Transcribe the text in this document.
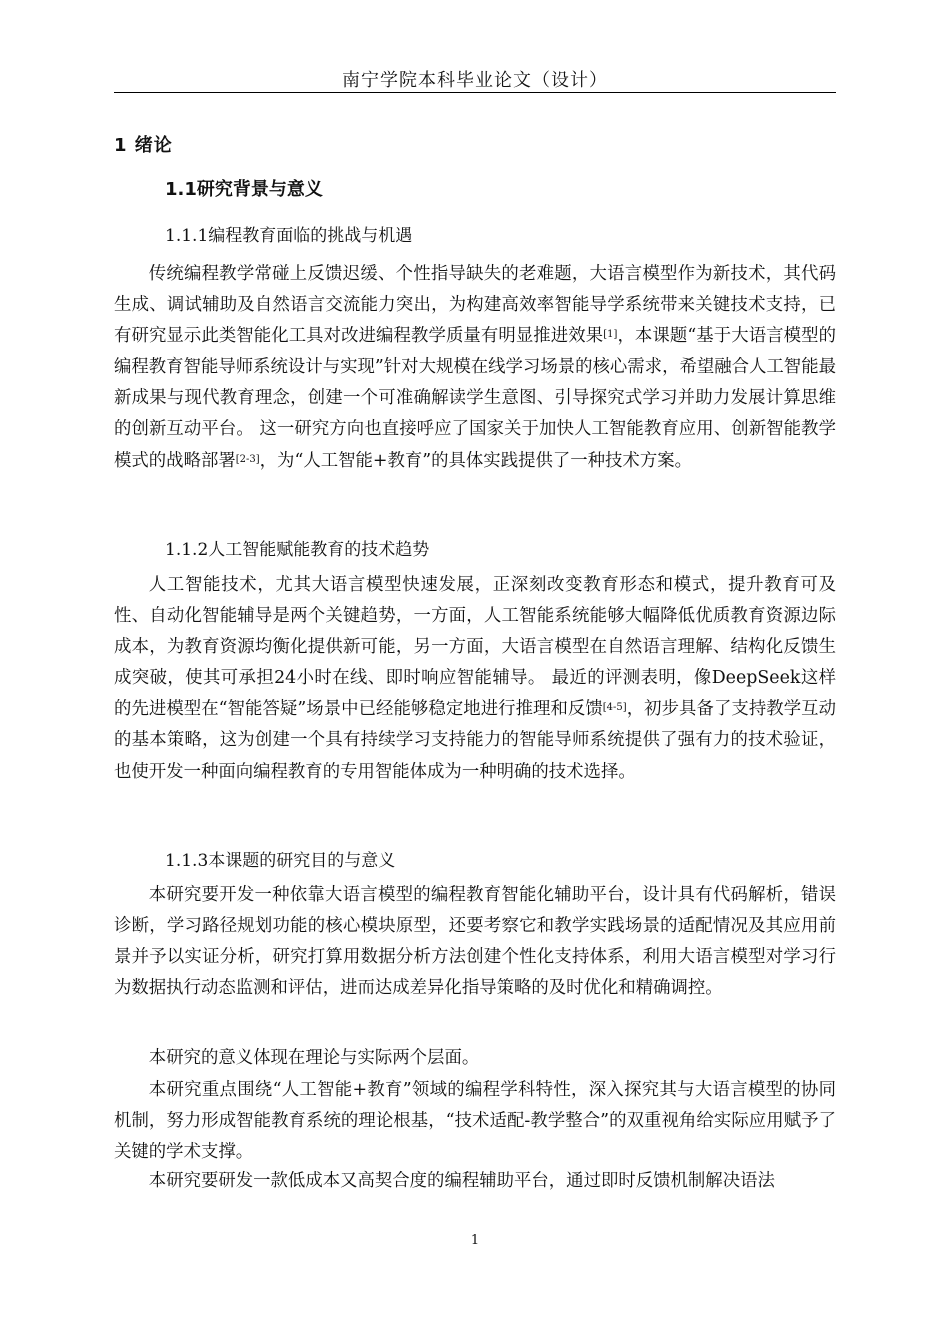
南宁学院本科毕业论文（设计）
1 绪论
1.1研究背景与意义
1.1.1编程教育面临的挑战与机遇

传统编程教学常碰上反馈迟缓、个性指导缺失的老难题，大语言模型作为新技术，其代码生成、调试辅助及自然语言交流能力突出，为构建高效率智能导学系统带来关键技术支持，已有研究显示此类智能化工具对改进编程教学质量有明显推进效果[1]，本课题“基于大语言模型的编程教育智能导师系统设计与实现”针对大规模在线学习场景的核心需求，希望融合人工智能最新成果与现代教育理念，创建一个可准确解读学生意图、引导探究式学习并助力发展计算思维的创新互动平台。 这一研究方向也直接呼应了国家关于加快人工智能教育应用、创新智能教学模式的战略部署[2-3]，为“人工智能+教育”的具体实践提供了一种技术方案。

1.1.2人工智能赋能教育的技术趋势

人工智能技术，尤其大语言模型快速发展，正深刻改变教育形态和模式，提升教育可及性、自动化智能辅导是两个关键趋势，一方面，人工智能系统能够大幅降低优质教育资源边际成本，为教育资源均衡化提供新可能，另一方面，大语言模型在自然语言理解、结构化反馈生成突破，使其可承担24小时在线、即时响应智能辅导。 最近的评测表明，像DeepSeek这样的先进模型在“智能答疑”场景中已经能够稳定地进行推理和反馈[4-5]，初步具备了支持教学互动的基本策略，这为创建一个具有持续学习支持能力的智能导师系统提供了强有力的技术验证，也使开发一种面向编程教育的专用智能体成为一种明确的技术选择。

1.1.3本课题的研究目的与意义

本研究要开发一种依靠大语言模型的编程教育智能化辅助平台，设计具有代码解析，错误诊断，学习路径规划功能的核心模块原型，还要考察它和教学实践场景的适配情况及其应用前景并予以实证分析，研究打算用数据分析方法创建个性化支持体系，利用大语言模型对学习行为数据执行动态监测和评估，进而达成差异化指导策略的及时优化和精确调控。

本研究的意义体现在理论与实际两个层面。

本研究重点围绕“人工智能+教育”领域的编程学科特性，深入探究其与大语言模型的协同机制，努力形成智能教育系统的理论根基，“技术适配-教学整合”的双重视角给实际应用赋予了关键的学术支撑。

本研究要研发一款低成本又高契合度的编程辅助平台，通过即时反馈机制解决语法

1
